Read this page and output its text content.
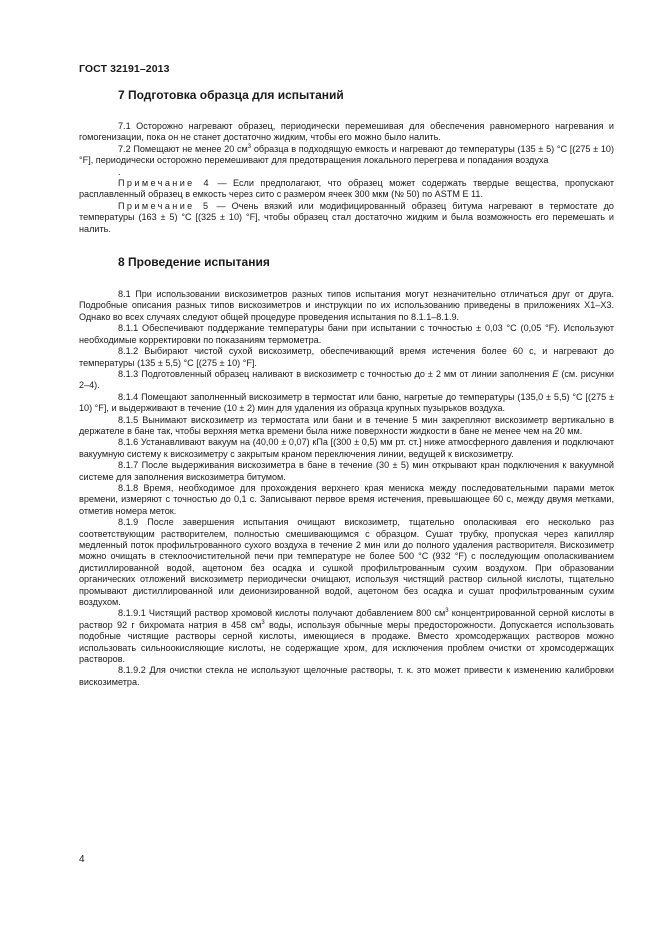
ГОСТ 32191–2013
7 Подготовка образца для испытаний

7.1 Осторожно нагревают образец, периодически перемешивая для обеспечения равномерного нагревания и гомогенизации, пока он не станет достаточно жидким, чтобы его можно было налить.

7.2 Помещают не менее 20 $см^3$ образца в подходящую емкость и нагревают до температуры (135 ± 5) °С [(275 ± 10) °F], периодически осторожно перемешивают для предотвращения локального перегрева и попадания воздуха

.

Примечание 4 — Если предполагают, что образец может содержать твердые вещества, пропускают расплавленный образец в емкость через сито с размером ячеек 300 мкм (№ 50) по ASTM E 11.

Примечание 5 — Очень вязкий или модифицированный образец битума нагревают в термостате до температуры (163 ± 5) °С [(325 ± 10) °F], чтобы образец стал достаточно жидким и была возможность его перемешать и налить.

8 Проведение испытания

8.1 При использовании вискозиметров разных типов испытания могут незначительно отличаться друг от друга. Подробные описания разных типов вискозиметров и инструкции по их использованию приведены в приложениях Х1–Х3. Однако во всех случаях следуют общей процедуре проведения испытания по 8.1.1–8.1.9.

8.1.1 Обеспечивают поддержание температуры бани при испытании с точностью ± 0,03 °С (0,05 °F). Используют необходимые корректировки по показаниям термометра.

8.1.2 Выбирают чистой сухой вискозиметр, обеспечивающий время истечения более 60 с, и нагревают до температуры (135 ± 5,5) °С [(275 ± 10) °F].

8.1.3 Подготовленный образец наливают в вискозиметр с точностью до ± 2 мм от линии заполнения Е (см. рисунки 2–4).

8.1.4 Помещают заполненный вискозиметр в термостат или баню, нагретые до температуры (135,0 ± 5,5) °С [(275 ± 10) °F], и выдерживают в течение (10 ± 2) мин для удаления из образца крупных пузырьков воздуха.

8.1.5 Вынимают вискозиметр из термостата или бани и в течение 5 мин закрепляют вискозиметр вертикально в держателе в бане так, чтобы верхняя метка времени была ниже поверхности жидкости в бане не менее чем на 20 мм.

8.1.6 Устанавливают вакуум на (40,00 ± 0,07) кПа [(300 ± 0,5) мм рт. ст.] ниже атмосферного давления и подключают вакуумную систему к вискозиметру с закрытым краном переключения линии, ведущей к вискозиметру.

8.1.7 После выдерживания вискозиметра в бане в течение (30 ± 5) мин открывают кран подключения к вакуумной системе для заполнения вискозиметра битумом.

8.1.8 Время, необходимое для прохождения верхнего края мениска между последовательными парами меток времени, измеряют с точностью до 0,1 с. Записывают первое время истечения, превышающее 60 с, между двумя метками, отметив номера меток.

8.1.9 После завершения испытания очищают вискозиметр, тщательно ополаскивая его несколько раз соответствующим растворителем, полностью смешивающимся с образцом. Сушат трубку, пропуская через капилляр медленный поток профильтрованного сухого воздуха в течение 2 мин или до полного удаления растворителя. Вискозиметр можно очищать в стеклоочистительной печи при температуре не более 500 °С (932 °F) с последующим ополаскиванием дистиллированной водой, ацетоном без осадка и сушкой профильтрованным сухим воздухом. При образовании органических отложений вискозиметр периодически очищают, используя чистящий раствор сильной кислоты, тщательно промывают дистиллированной или деионизированной водой, ацетоном без осадка и сушат профильтрованным сухим воздухом.

8.1.9.1 Чистящий раствор хромовой кислоты получают добавлением 800 $см^3$ концентрированной серной кислоты в раствор 92 г бихромата натрия в 458 $см^3$ воды, используя обычные меры предосторожности. Допускается использовать подобные чистящие растворы серной кислоты, имеющиеся в продаже. Вместо хромсодержащих растворов можно использовать сильноокисляющие кислоты, не содержащие хром, для исключения проблем очистки от хромсодержащих растворов.

8.1.9.2 Для очистки стекла не используют щелочные растворы, т. к. это может привести к изменению калибровки вискозиметра.

4
